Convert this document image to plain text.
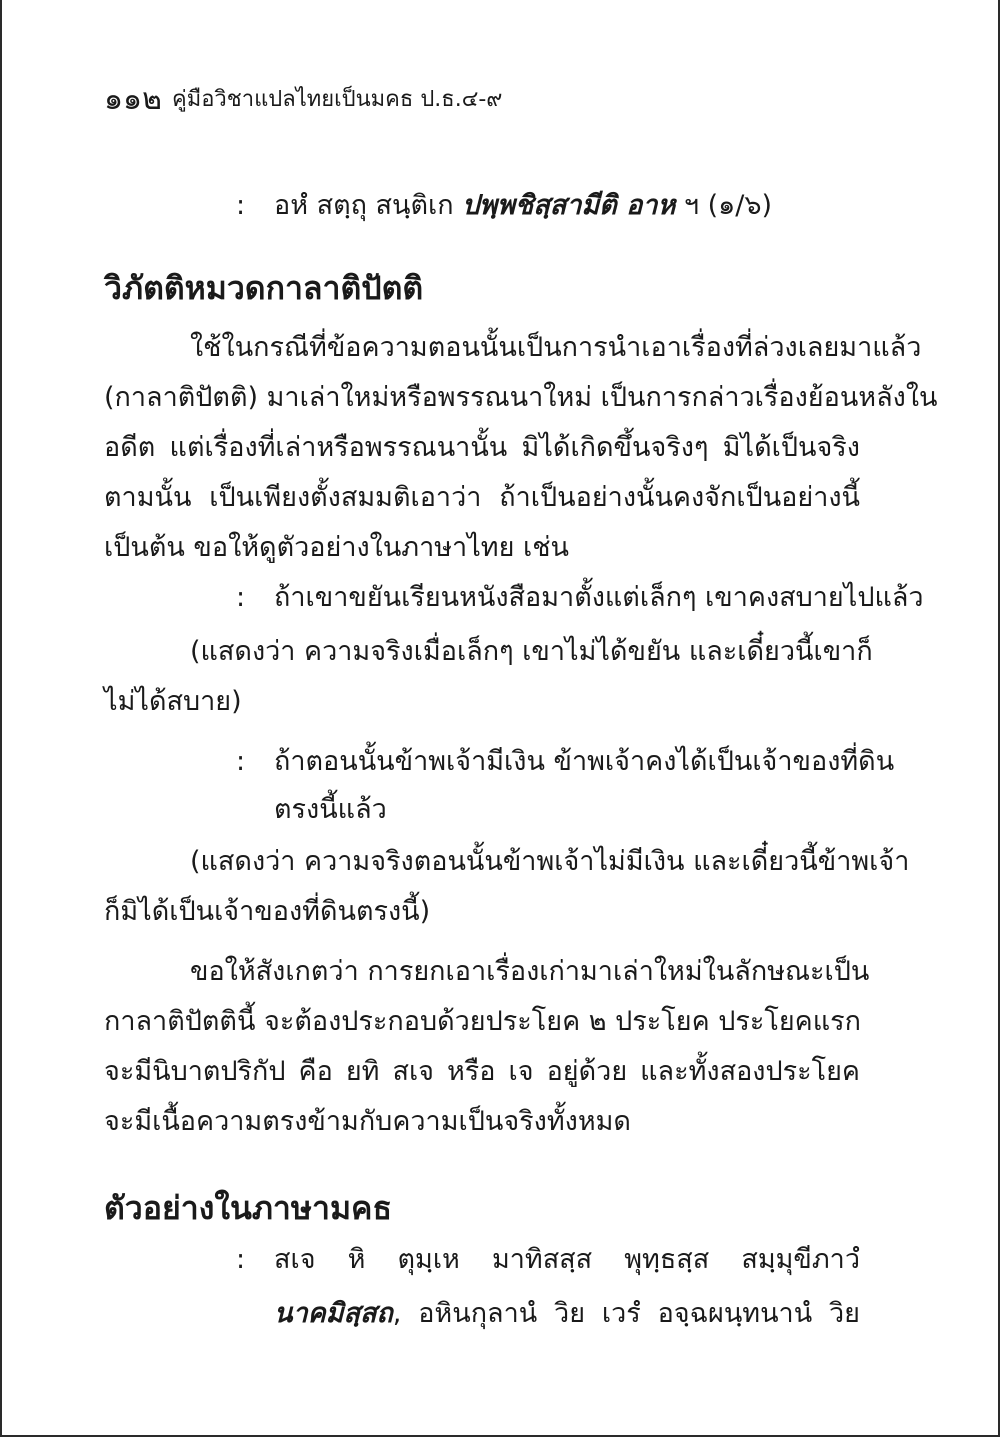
๑๑๒ คู่มือวิชาแปลไทยเป็นมคธ ป.ธ.๔-๙
: อหํ สตฺถุ สนฺติเก ปพฺพชิสฺสามีติ อาห ฯ (๑/๖)
วิภัตติหมวดกาลาติปัตติ
ใช้ในกรณีที่ข้อความตอนนั้นเป็นการนำเอาเรื่องที่ล่วงเลยมาแล้ว
(กาลาติปัตติ) มาเล่าใหม่หรือพรรณนาใหม่ เป็นการกล่าวเรื่องย้อนหลังใน
อดีต แต่เรื่องที่เล่าหรือพรรณนานั้น มิได้เกิดขึ้นจริงๆ มิได้เป็นจริง
ตามนั้น เป็นเพียงตั้งสมมติเอาว่า ถ้าเป็นอย่างนั้นคงจักเป็นอย่างนี้
เป็นต้น ขอให้ดูตัวอย่างในภาษาไทย เช่น
: ถ้าเขาขยันเรียนหนังสือมาตั้งแต่เล็กๆ เขาคงสบายไปแล้ว
(แสดงว่า ความจริงเมื่อเล็กๆ เขาไม่ได้ขยัน และเดี๋ยวนี้เขาก็
ไม่ได้สบาย)
: ถ้าตอนนั้นข้าพเจ้ามีเงิน ข้าพเจ้าคงได้เป็นเจ้าของที่ดิน
ตรงนี้แล้ว
(แสดงว่า ความจริงตอนนั้นข้าพเจ้าไม่มีเงิน และเดี๋ยวนี้ข้าพเจ้า
ก็มิได้เป็นเจ้าของที่ดินตรงนี้)
ขอให้สังเกตว่า การยกเอาเรื่องเก่ามาเล่าใหม่ในลักษณะเป็น
กาลาติปัตตินี้ จะต้องประกอบด้วยประโยค ๒ ประโยค ประโยคแรก
จะมีนิบาตปริกัป คือ ยทิ สเจ หรือ เจ อยู่ด้วย และทั้งสองประโยค
จะมีเนื้อความตรงข้ามกับความเป็นจริงทั้งหมด
ตัวอย่างในภาษามคธ
: สเจ หิ ตุมฺเห มาทิสสฺส พุทฺธสฺส สมฺมุขีภาวํ
นาคมิสฺสถ, อหินกุลานํ วิย เวรํ อจฺฉผนฺทนานํ วิย
